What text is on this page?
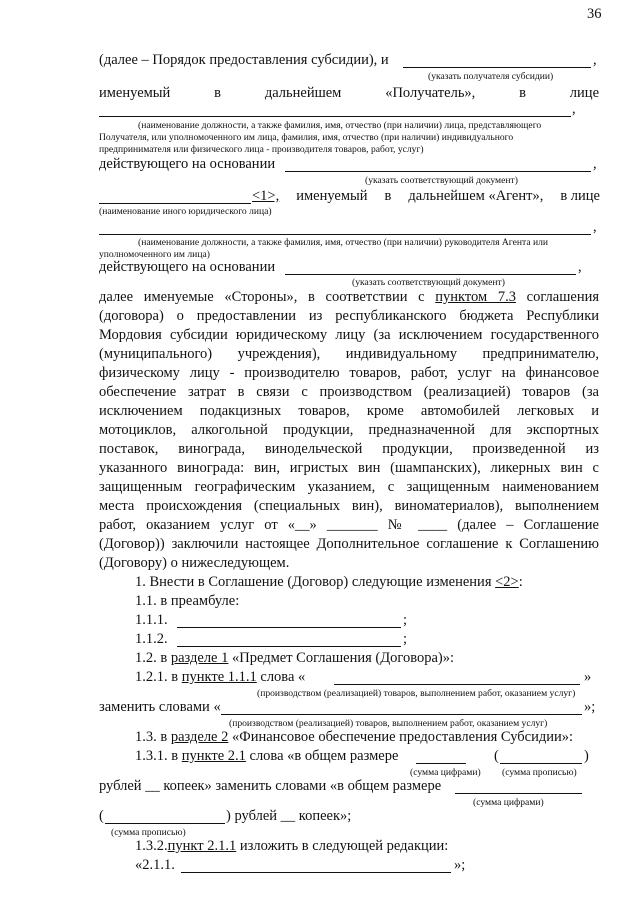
36
(далее – Порядок предоставления субсидии), и	,
(указать получателя субсидии)
именуемый	в	дальнейшем	«Получатель»,	в лице
,
(наименование должности, а также фамилия, имя, отчество (при наличии) лица, представляющего
Получателя, или уполномоченного им лица, фамилия, имя, отчество (при наличии) индивидуального
предпринимателя или физического лица - производителя товаров, работ, услуг)
действующего на основании	,
(указать соответствующий документ)
<1>, именуемый в дальнейшем «Агент», в лице
(наименование иного юридического лица)
,
(наименование должности, а также фамилия, имя, отчество (при наличии) руководителя Агента или
уполномоченного им лица)
действующего на основании	,
(указать соответствующий документ)
далее именуемые «Стороны», в соответствии с пунктом 7.3 соглашения
(договора) о предоставлении из республиканского бюджета Республики
Мордовия субсидии юридическому лицу (за исключением государственного
(муниципального) учреждения), индивидуальному предпринимателю,
физическому лицу - производителю товаров, работ, услуг на финансовое
обеспечение затрат в связи с производством (реализацией) товаров (за
исключением подакцизных товаров, кроме автомобилей легковых и
мотоциклов, алкогольной продукции, предназначенной для экспортных
поставок, винограда, винодельческой продукции, произведенной из
указанного винограда: вин, игристых вин (шампанских), ликерных вин с
защищенным географическим указанием, с защищенным наименованием
места происхождения (специальных вин), виноматериалов), выполнением
работ, оказанием услуг от «__» _______ № ____ (далее – Соглашение
(Договор)) заключили настоящее Дополнительное соглашение к Соглашению
(Договору) о нижеследующем.
1. Внести в Соглашение (Договор) следующие изменения
<2> :
1.1. в преамбуле:
1.1.1.	;
1.1.2.	;
1.2. в
разделе 1
«Предмет Соглашения (Договора)»:
1.2.1. в
пункте 1.1.1
слова «	»
(производством (реализацией) товаров, выполнением работ, оказанием услуг)
заменить словами «	»;
(производством (реализацией) товаров, выполнением работ, оказанием услуг)
1.3. в
разделе 2
«Финансовое обеспечение предоставления Субсидии»:
1.3.1. в
пункте 2.1
слова «в общем размере	(	)
(сумма цифрами) (сумма прописью)
рублей __ копеек» заменить словами «в общем размере
(сумма цифрами)
(	) рублей __ копеек»;
(сумма прописью)
1.3.2. пункт 2.1.1
изложить в следующей редакции:
«2.1.1.	»;
